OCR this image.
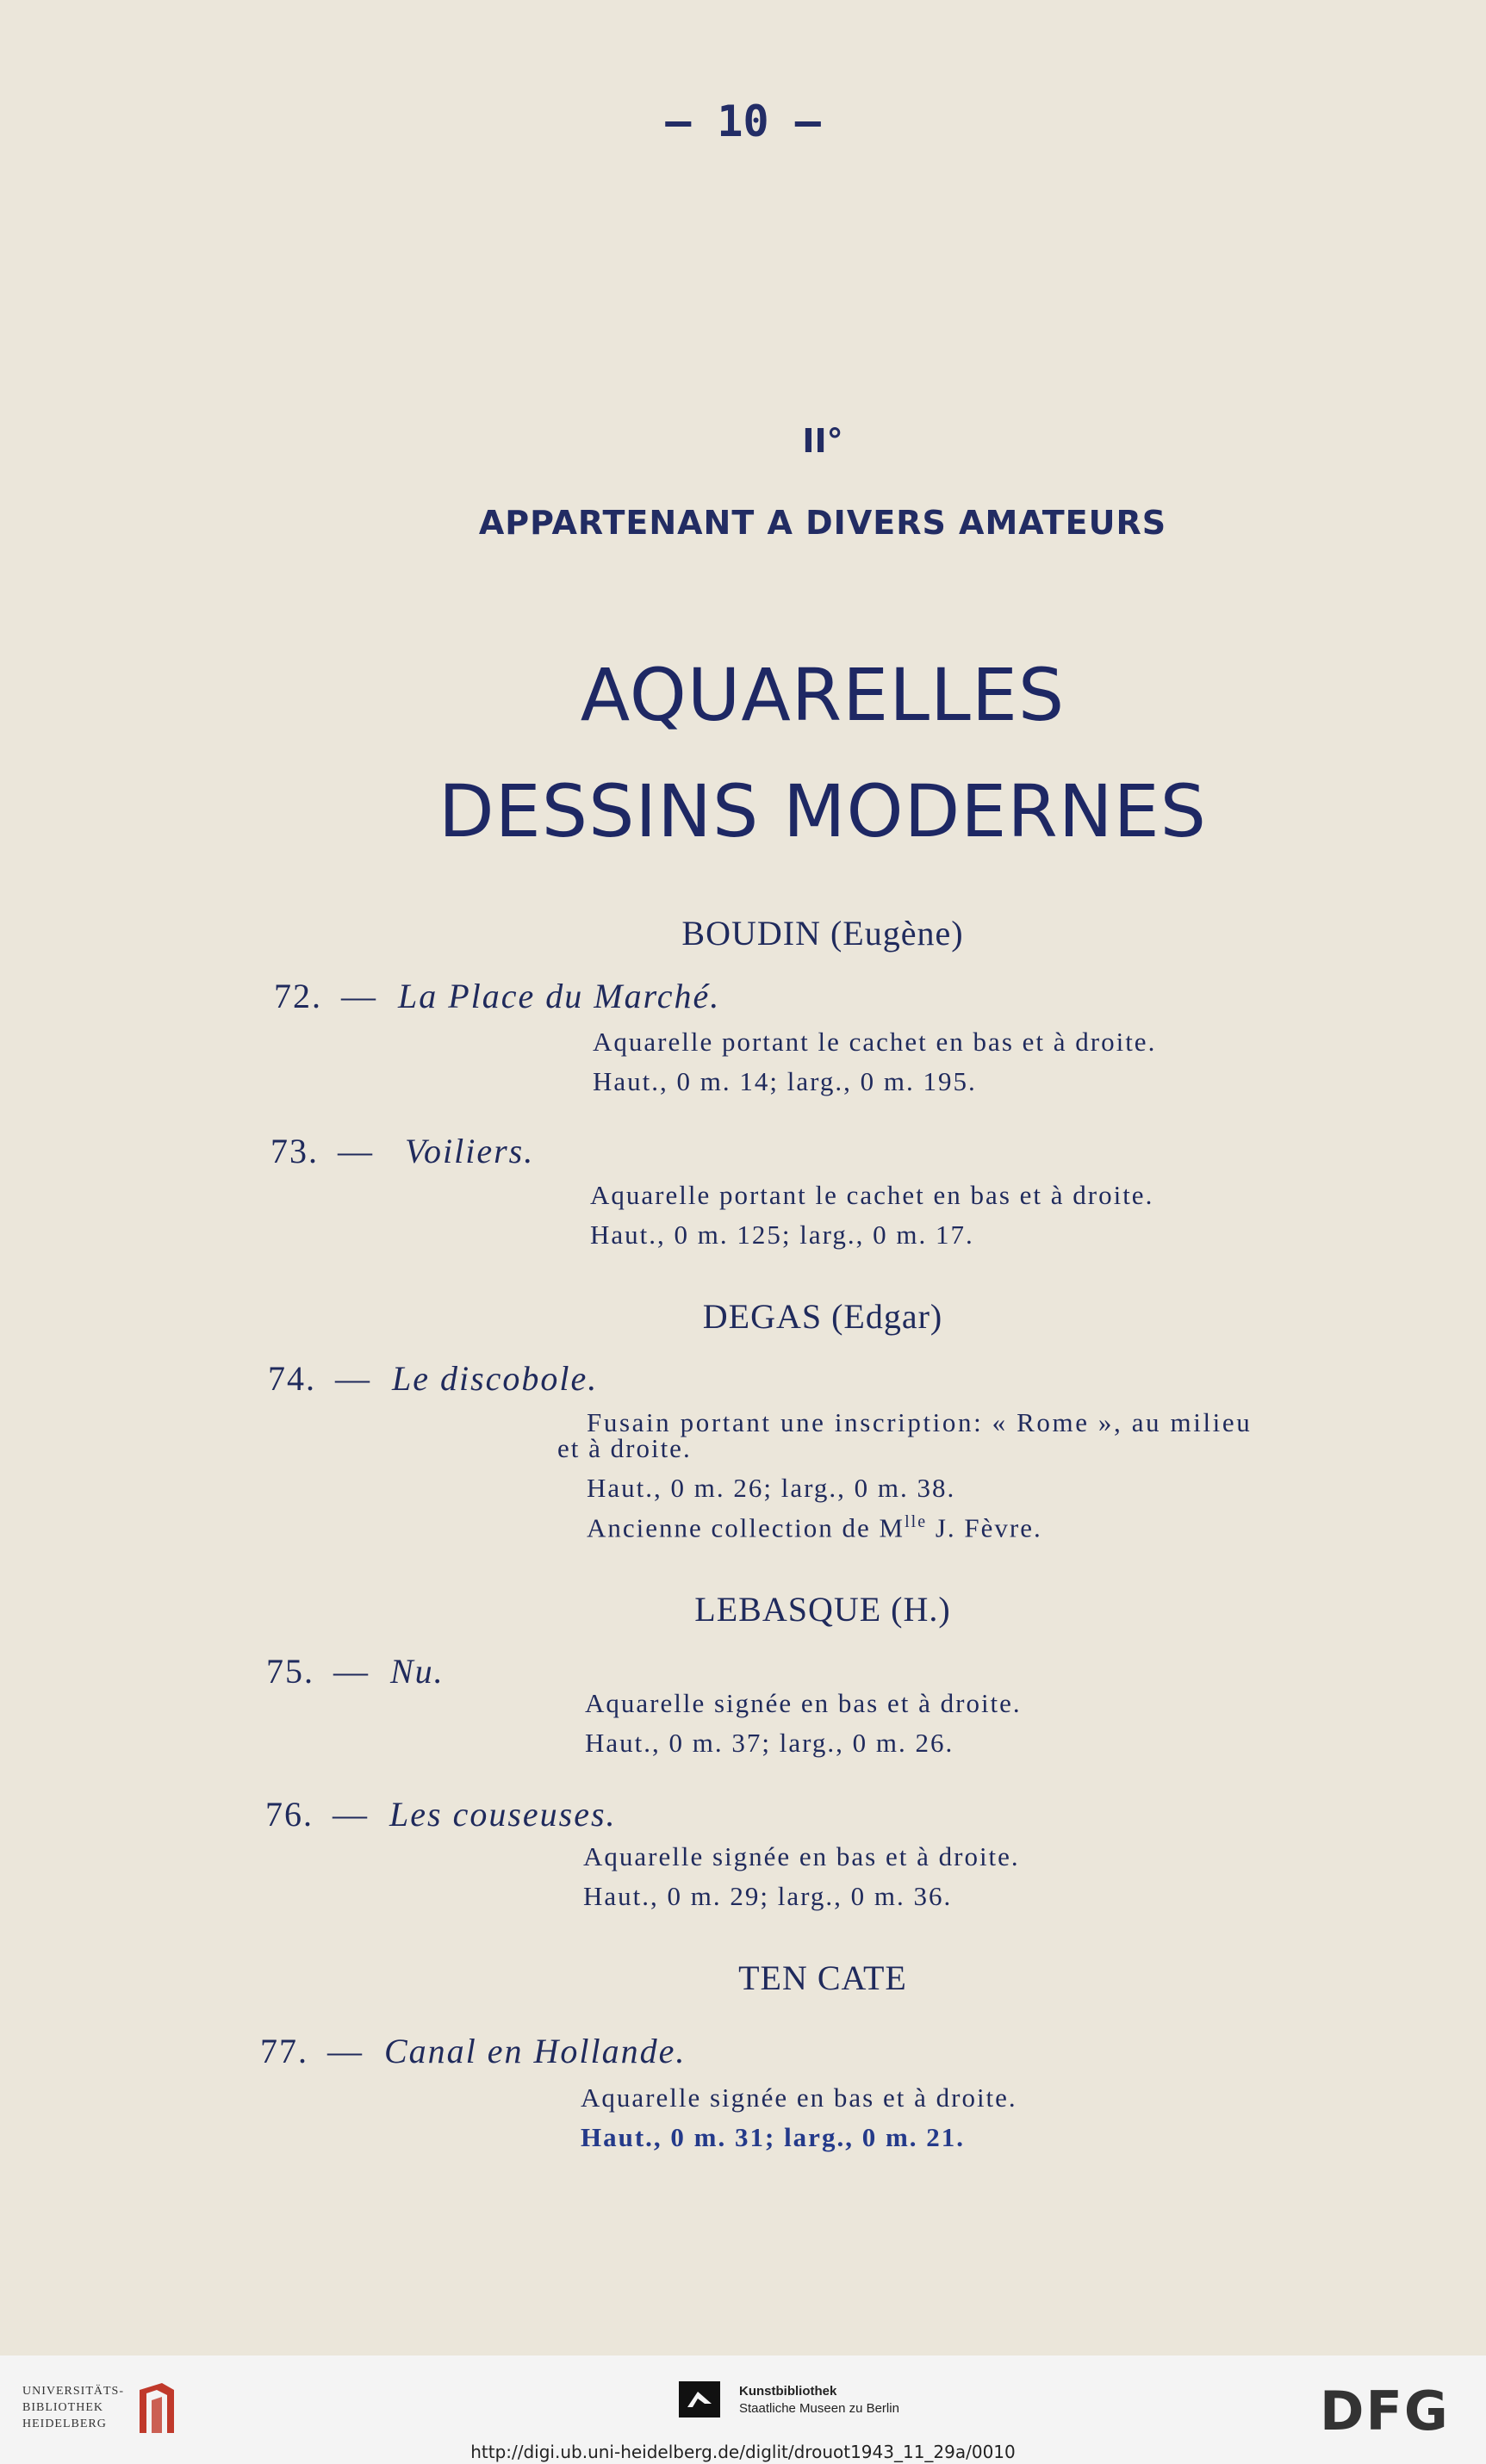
— 10 —
II°
APPARTENANT A DIVERS AMATEURS
AQUARELLES
DESSINS MODERNES
BOUDIN (Eugène)
72. — La Place du Marché.
Aquarelle portant le cachet en bas et à droite.
Haut., 0 m. 14; larg., 0 m. 195.
73. — Voiliers.
Aquarelle portant le cachet en bas et à droite.
Haut., 0 m. 125; larg., 0 m. 17.
DEGAS (Edgar)
74. — Le discobole.
Fusain portant une inscription: « Rome », au milieu
et à droite.
Haut., 0 m. 26; larg., 0 m. 38.
Ancienne collection de $M^{lle}$ J. Fèvre.
LEBASQUE (H.)
75. — Nu.
Aquarelle signée en bas et à droite.
Haut., 0 m. 37; larg., 0 m. 26.
76. — Les couseuses.
Aquarelle signée en bas et à droite.
Haut., 0 m. 29; larg., 0 m. 36.
TEN CATE
77. — Canal en Hollande.
Aquarelle signée en bas et à droite.
Haut., 0 m. 31; larg., 0 m. 21.
UNIVERSITÄTS-
BIBLIOTHEK
HEIDELBERG
Kunstbibliothek
Staatliche Museen zu Berlin	DFG
http://digi.ub.uni-heidelberg.de/diglit/drouot1943_11_29a/0010
